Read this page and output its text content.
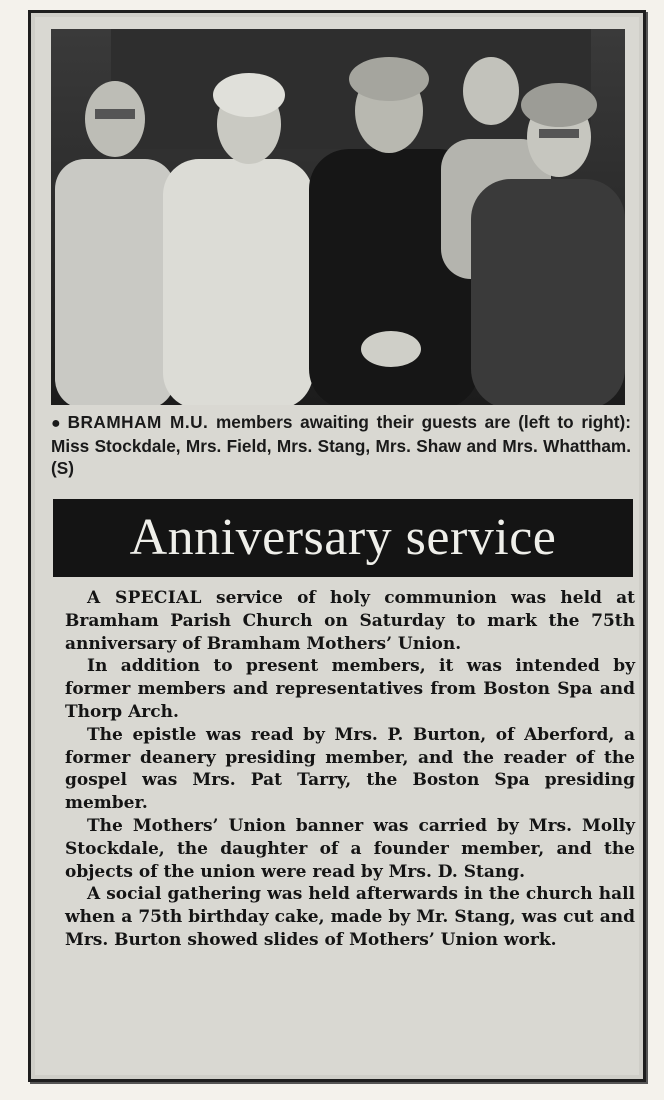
● BRAMHAM M.U. members awaiting their guests are (left to right): Miss Stockdale, Mrs. Field, Mrs. Stang, Mrs. Shaw and Mrs. Whattham. (S)
Anniversary service

A SPECIAL service of holy communion was held at Bramham Parish Church on Saturday to mark the 75th anniversary of Bramham Mothers’ Union.

In addition to present members, it was intended by former members and representatives from Boston Spa and Thorp Arch.

The epistle was read by Mrs. P. Burton, of Aberford, a former deanery presiding member, and the reader of the gospel was Mrs. Pat Tarry, the Boston Spa presiding member.

The Mothers’ Union banner was carried by Mrs. Molly Stockdale, the daughter of a founder member, and the objects of the union were read by Mrs. D. Stang.

A social gathering was held afterwards in the church hall when a 75th birthday cake, made by Mr. Stang, was cut and Mrs. Burton showed slides of Mothers’ Union work.
